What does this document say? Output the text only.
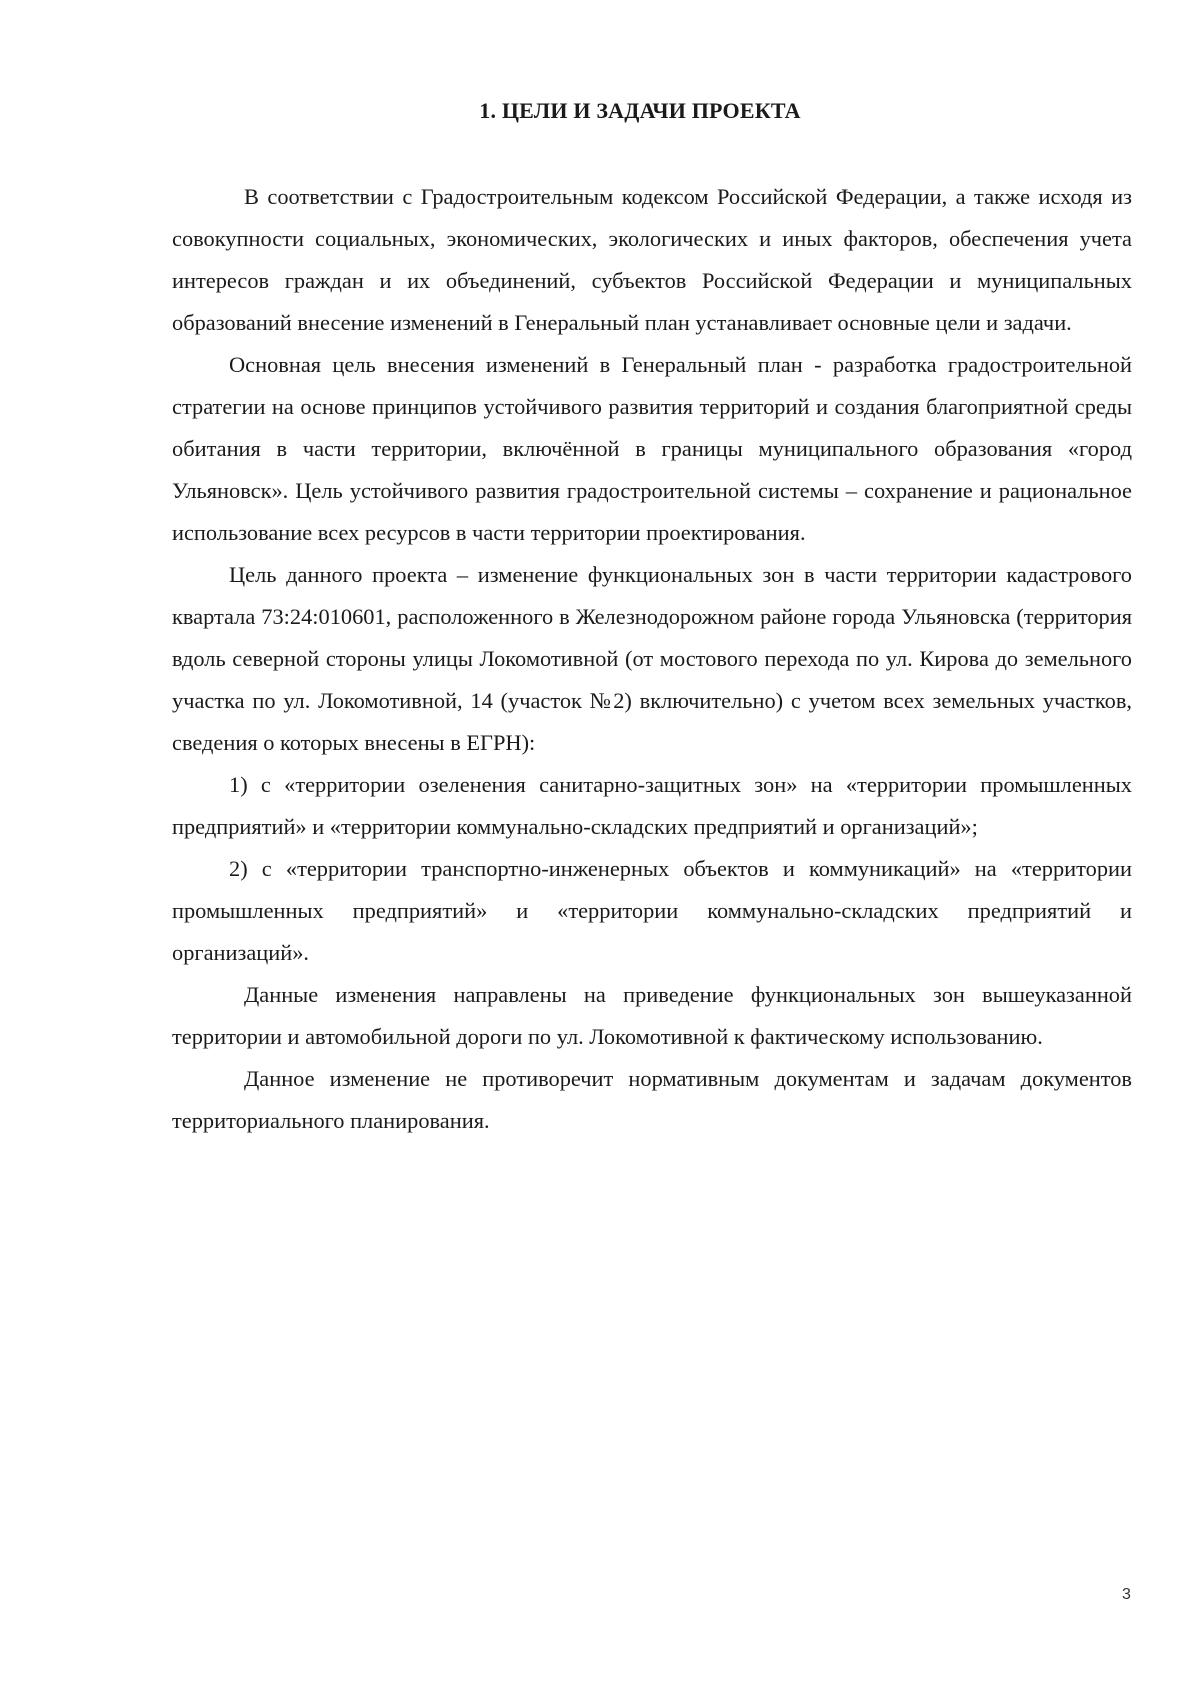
1. ЦЕЛИ И ЗАДАЧИ ПРОЕКТА

В соответствии с Градостроительным кодексом Российской Федерации, а также исходя из совокупности социальных, экономических, экологических и иных факторов, обеспечения учета интересов граждан и их объединений, субъектов Российской Федерации и муниципальных образований внесение изменений в Генеральный план устанавливает основные цели и задачи.

Основная цель внесения изменений в Генеральный план - разработка градостроительной стратегии на основе принципов устойчивого развития территорий и создания благоприятной среды обитания в части территории, включённой в границы муниципального образования «город Ульяновск». Цель устойчивого развития градостроительной системы – сохранение и рациональное использование всех ресурсов в части территории проектирования.

Цель данного проекта – изменение функциональных зон в части территории кадастрового квартала 73:24:010601, расположенного в Железнодорожном районе города Ульяновска (территория вдоль северной стороны улицы Локомотивной (от мостового перехода по ул. Кирова до земельного участка по ул. Локомотивной, 14 (участок №2) включительно) с учетом всех земельных участков, сведения о которых внесены в ЕГРН):

1) с «территории озеленения санитарно-защитных зон» на «территории промышленных предприятий» и «территории коммунально-складских предприятий и организаций»;

2) с «территории транспортно-инженерных объектов и коммуникаций» на «территории промышленных предприятий» и «территории коммунально-складских предприятий и организаций».

Данные изменения направлены на приведение функциональных зон вышеуказанной территории и автомобильной дороги по ул. Локомотивной к фактическому использованию.

Данное изменение не противоречит нормативным документам и задачам документов территориального планирования.

3
